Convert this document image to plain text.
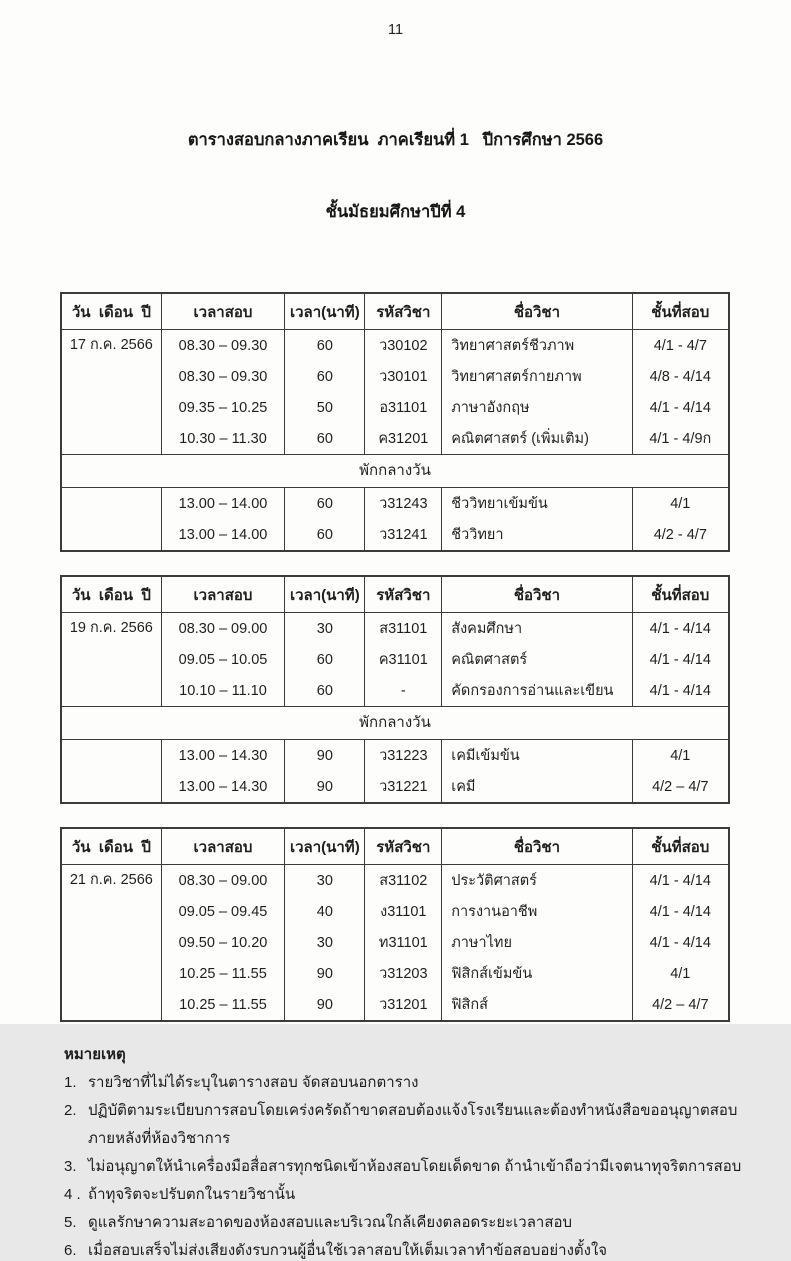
11

ตารางสอบกลางภาคเรียน  ภาคเรียนที่ 1   ปีการศึกษา 2566

ชั้นมัธยมศึกษาปีที่ 4

วัน  เดือน  ปี	เวลาสอบ	เวลา(นาที)	รหัสวิชา	ชื่อวิชา	ชั้นที่สอบ
17 ก.ค. 2566	08.30 – 09.30	60	ว30102	วิทยาศาสตร์ชีวภาพ	4/1 - 4/7
	08.30 – 09.30	60	ว30101	วิทยาศาสตร์กายภาพ	4/8 - 4/14
	09.35 – 10.25	50	อ31101	ภาษาอังกฤษ	4/1 - 4/14
	10.30 – 11.30	60	ค31201	คณิตศาสตร์ (เพิ่มเติม)	4/1 - 4/9ก
พักกลางวัน					
	13.00 – 14.00	60	ว31243	ชีววิทยาเข้มข้น	4/1
	13.00 – 14.00	60	ว31241	ชีววิทยา	4/2 - 4/7
วัน  เดือน  ปี	เวลาสอบ	เวลา(นาที)	รหัสวิชา	ชื่อวิชา	ชั้นที่สอบ
19 ก.ค. 2566	08.30 – 09.00	30	ส31101	สังคมศึกษา	4/1 - 4/14
	09.05 – 10.05	60	ค31101	คณิตศาสตร์	4/1 - 4/14
	10.10 – 11.10	60	-	คัดกรองการอ่านและเขียน	4/1 - 4/14
พักกลางวัน					
	13.00 – 14.30	90	ว31223	เคมีเข้มข้น	4/1
	13.00 – 14.30	90	ว31221	เคมี	4/2 – 4/7
วัน  เดือน  ปี	เวลาสอบ	เวลา(นาที)	รหัสวิชา	ชื่อวิชา	ชั้นที่สอบ
21 ก.ค. 2566	08.30 – 09.00	30	ส31102	ประวัติศาสตร์	4/1 - 4/14
	09.05 – 09.45	40	ง31101	การงานอาชีพ	4/1 - 4/14
	09.50 – 10.20	30	ท31101	ภาษาไทย	4/1 - 4/14
	10.25 – 11.55	90	ว31203	ฟิสิกส์เข้มข้น	4/1
	10.25 – 11.55	90	ว31201	ฟิสิกส์	4/2 – 4/7
หมายเหตุ
1. รายวิชาที่ไม่ได้ระบุในตารางสอบ จัดสอบนอกตาราง
2. ปฏิบัติตามระเบียบการสอบโดยเคร่งครัดถ้าขาดสอบต้องแจ้งโรงเรียนและต้องทำหนังสือขออนุญาตสอบ
ภายหลังที่ห้องวิชาการ
3. ไม่อนุญาตให้นำเครื่องมือสื่อสารทุกชนิดเข้าห้องสอบโดยเด็ดขาด ถ้านำเข้าถือว่ามีเจตนาทุจริตการสอบ
4 . ถ้าทุจริตจะปรับตกในรายวิชานั้น
5. ดูแลรักษาความสะอาดของห้องสอบและบริเวณใกล้เคียงตลอดระยะเวลาสอบ
6. เมื่อสอบเสร็จไม่ส่งเสียงดังรบกวนผู้อื่นใช้เวลาสอบให้เต็มเวลาทำข้อสอบอย่างตั้งใจ
